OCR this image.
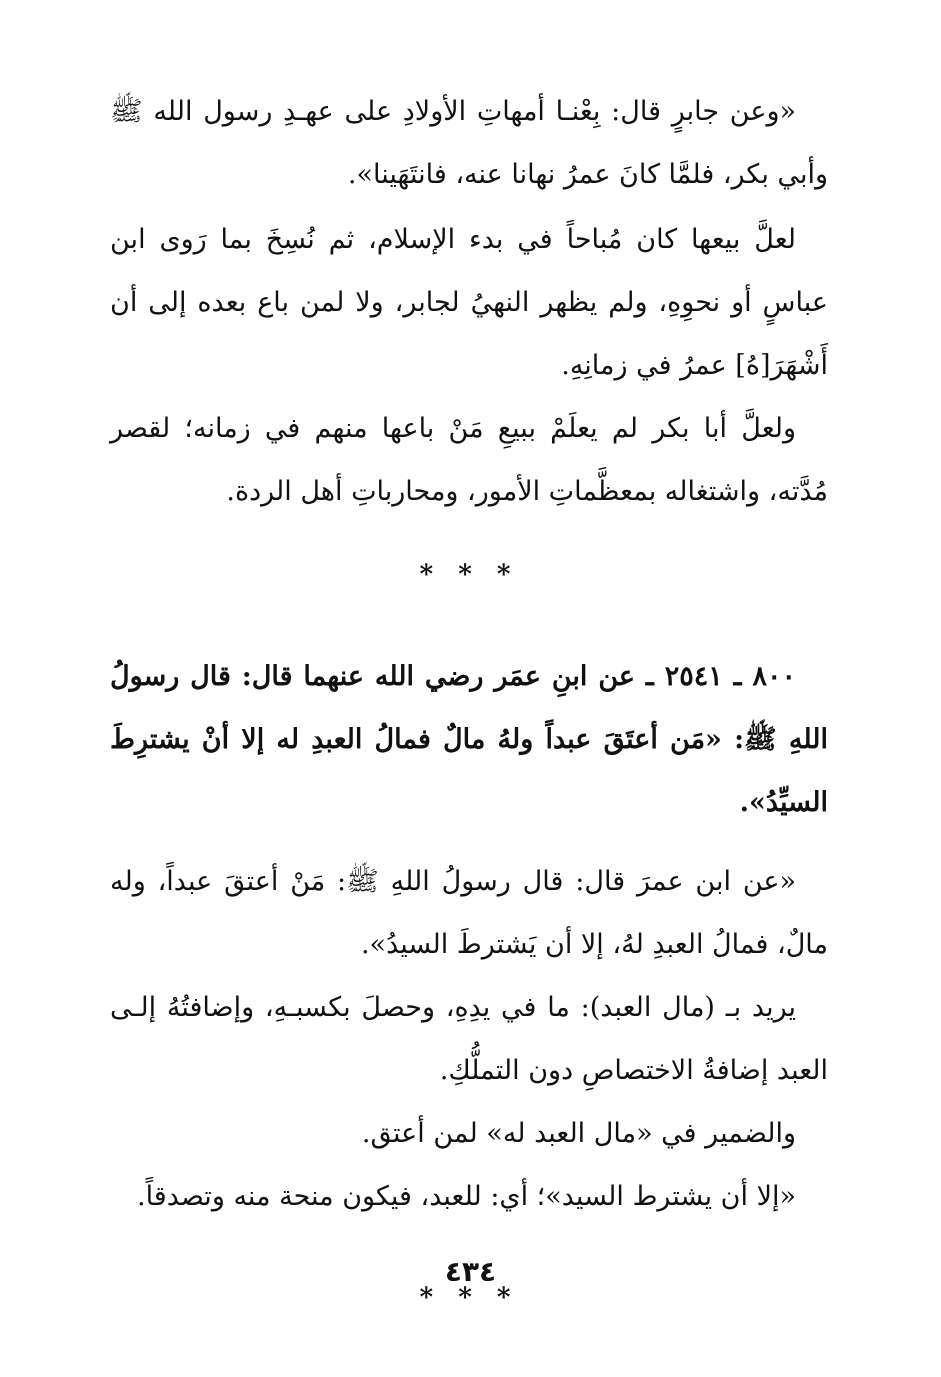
«وعن جابرٍ قال: بِعْنـا أمهاتِ الأولادِ على عهـدِ رسول الله ﷺ وأبي بكر، فلمَّا كانَ عمرُ نهانا عنه، فانتَهَينا».

لعلَّ بيعها كان مُباحاً في بدء الإسلام، ثم نُسِخَ بما رَوى ابن عباسٍ أو نحوِهِ، ولم يظهر النهيُ لجابر، ولا لمن باع بعده إلى أن أَشْهَرَ[هُ] عمرُ في زمانِهِ.

ولعلَّ أبا بكر لم يعلَمْ ببيعِ مَنْ باعها منهم في زمانه؛ لقصر مُدَّته، واشتغاله بمعظَّماتِ الأمور، ومحارباتِ أهل الردة.

* * *

٨٠٠ ـ ٢٥٤١ ـ عن ابنِ عمَر رضي الله عنهما قال: قال رسولُ اللهِ ﷺ: «مَن أعتَقَ عبداً ولهُ مالٌ فمالُ العبدِ له إلا أنْ يشترِطَ السيِّدُ».

«عن ابن عمرَ قال: قال رسولُ اللهِ ﷺ: مَنْ أعتقَ عبداً، وله مالٌ، فمالُ العبدِ لهُ، إلا أن يَشترطَ السيدُ».

يريد بـ (مال العبد): ما في يدِهِ، وحصلَ بكسبـهِ، وإضافتُهُ إلـى العبد إضافةُ الاختصاصِ دون التملُّكِ.

والضمير في «مال العبد له» لمن أعتق.

«إلا أن يشترط السيد»؛ أي: للعبد، فيكون منحة منه وتصدقاً.

* * *
٤٣٤
